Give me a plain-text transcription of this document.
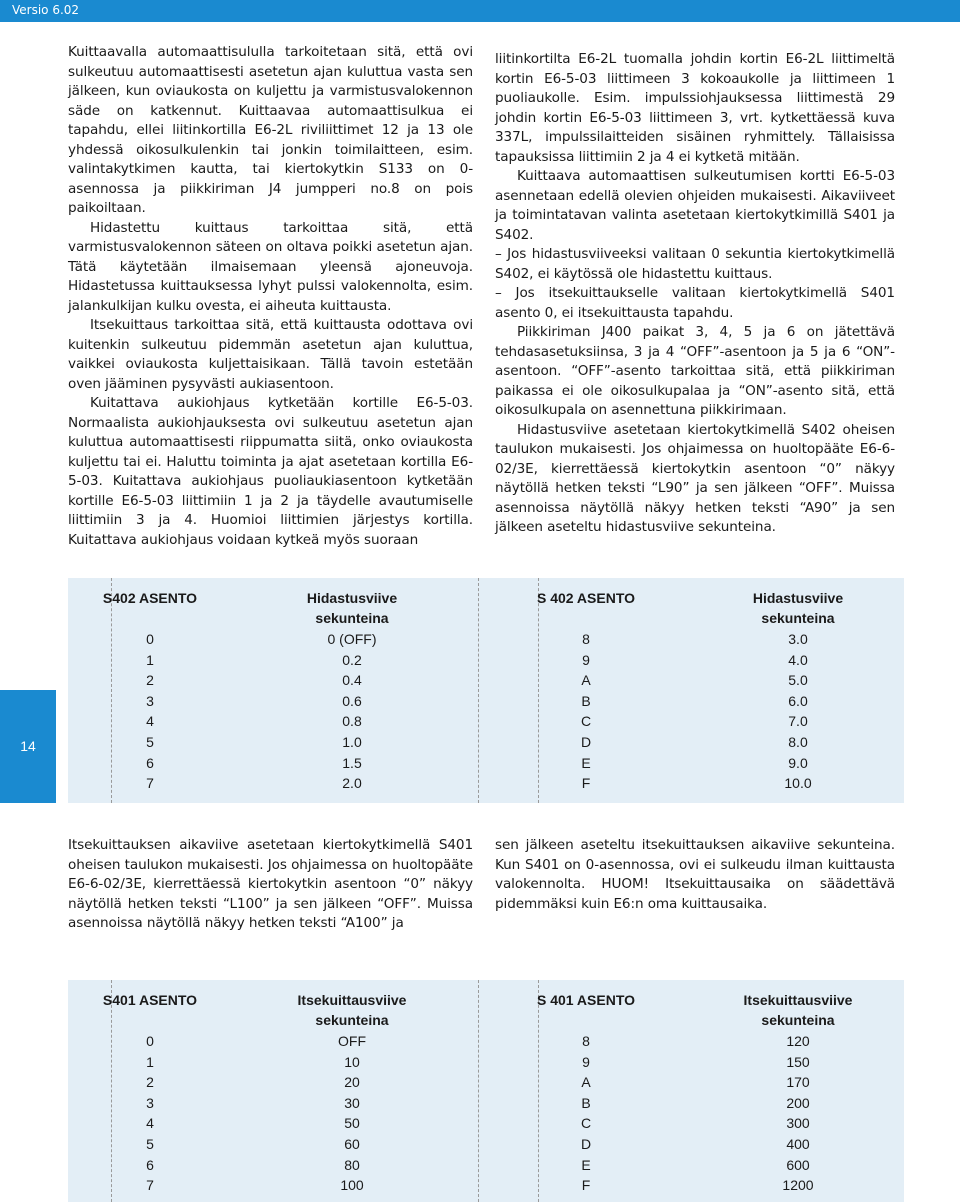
Versio 6.02

Kuittaavalla automaattisululla tarkoitetaan sitä, että ovi sulkeutuu automaattisesti asetetun ajan kuluttua vasta sen jälkeen, kun oviaukosta on kuljettu ja varmistusvalokennon säde on katkennut. Kuittaavaa automaattisulkua ei tapahdu, ellei liitinkortilla E6-2L riviliittimet 12 ja 13 ole yhdessä oikosulkulenkin tai jonkin toimilaitteen, esim. valintakytkimen kautta, tai kiertokytkin S133 on 0-asennossa ja piikkiriman J4 jumpperi no.8 on pois paikoiltaan.

Hidastettu kuittaus tarkoittaa sitä, että varmistusvalokennon säteen on oltava poikki asetetun ajan. Tätä käytetään ilmaisemaan yleensä ajoneuvoja. Hidastetussa kuittauksessa lyhyt pulssi valokennolta, esim. jalankulkijan kulku ovesta, ei aiheuta kuittausta.

Itsekuittaus tarkoittaa sitä, että kuittausta odottava ovi kuitenkin sulkeutuu pidemmän asetetun ajan kuluttua, vaikkei oviaukosta kuljettaisikaan. Tällä tavoin estetään oven jääminen pysyvästi aukiasentoon.

Kuitattava aukiohjaus kytketään kortille E6-5-03. Normaalista aukiohjauksesta ovi sulkeutuu asetetun ajan kuluttua automaattisesti riippumatta siitä, onko oviaukosta kuljettu tai ei. Haluttu toiminta ja ajat asetetaan kortilla E6-5-03. Kuitattava aukiohjaus puoliaukiasentoon kytketään kortille E6-5-03 liittimiin 1 ja 2 ja täydelle avautumiselle liittimiin 3 ja 4. Huomioi liittimien järjestys kortilla. Kuitattava aukiohjaus voidaan kytkeä myös suoraan

liitinkortilta E6-2L tuomalla johdin kortin E6-2L liittimeltä kortin E6-5-03 liittimeen 3 kokoaukolle ja liittimeen 1 puoliaukolle. Esim. impulssiohjauksessa liittimestä 29 johdin kortin E6-5-03 liittimeen 3, vrt. kytkettäessä kuva 337L, impulssilaitteiden sisäinen ryhmittely. Tällaisissa tapauksissa liittimiin 2 ja 4 ei kytketä mitään.

Kuittaava automaattisen sulkeutumisen kortti E6-5-03 asennetaan edellä olevien ohjeiden mukaisesti. Aikaviiveet ja toimintatavan valinta asetetaan kiertokytkimillä S401 ja S402.

– Jos hidastusviiveeksi valitaan 0 sekuntia kiertokytkimellä S402, ei käytössä ole hidastettu kuittaus.

– Jos itsekuittaukselle valitaan kiertokytkimellä S401 asento 0, ei itsekuittausta tapahdu.

Piikkiriman J400 paikat 3, 4, 5 ja 6 on jätettävä tehdasasetuksiinsa, 3 ja 4 “OFF”-asentoon ja 5 ja 6 “ON”-asentoon. “OFF”-asento tarkoittaa sitä, että piikkiriman paikassa ei ole oikosulkupalaa ja “ON”-asento sitä, että oikosulkupala on asennettuna piikkirimaan.

Hidastusviive asetetaan kiertokytkimellä S402 oheisen taulukon mukaisesti. Jos ohjaimessa on huoltopääte E6-6-02/3E, kierrettäessä kiertokytkin asentoon “0” näkyy näytöllä hetken teksti “L90” ja sen jälkeen “OFF”. Muissa asennoissa näytöllä näkyy hetken teksti “A90” ja sen jälkeen aseteltu hidastusviive sekunteina.

14
S402 ASENTO	Hidastusviive
sekunteina
0	0 (OFF)
1	0.2
2	0.4
3	0.6
4	0.8
5	1.0
6	1.5
7	2.0
S 402 ASENTO	Hidastusviive
sekunteina
8	3.0
9	4.0
A	5.0
B	6.0
C	7.0
D	8.0
E	9.0
F	10.0

Itsekuittauksen aikaviive asetetaan kiertokytkimellä S401 oheisen taulukon mukaisesti. Jos ohjaimessa on huoltopääte E6-6-02/3E, kierrettäessä kiertokytkin asentoon “0” näkyy näytöllä hetken teksti “L100” ja sen jälkeen “OFF”. Muissa asennoissa näytöllä näkyy hetken teksti “A100” ja

sen jälkeen aseteltu itsekuittauksen aikaviive sekunteina. Kun S401 on 0-asennossa, ovi ei sulkeudu ilman kuittausta valokennolta. HUOM! Itsekuittausaika on säädettävä pidemmäksi kuin E6:n oma kuittausaika.

S401 ASENTO	Itsekuittausviive
sekunteina
0	OFF
1	10
2	20
3	30
4	50
5	60
6	80
7	100
S 401 ASENTO	Itsekuittausviive
sekunteina
8	120
9	150
A	170
B	200
C	300
D	400
E	600
F	1200
